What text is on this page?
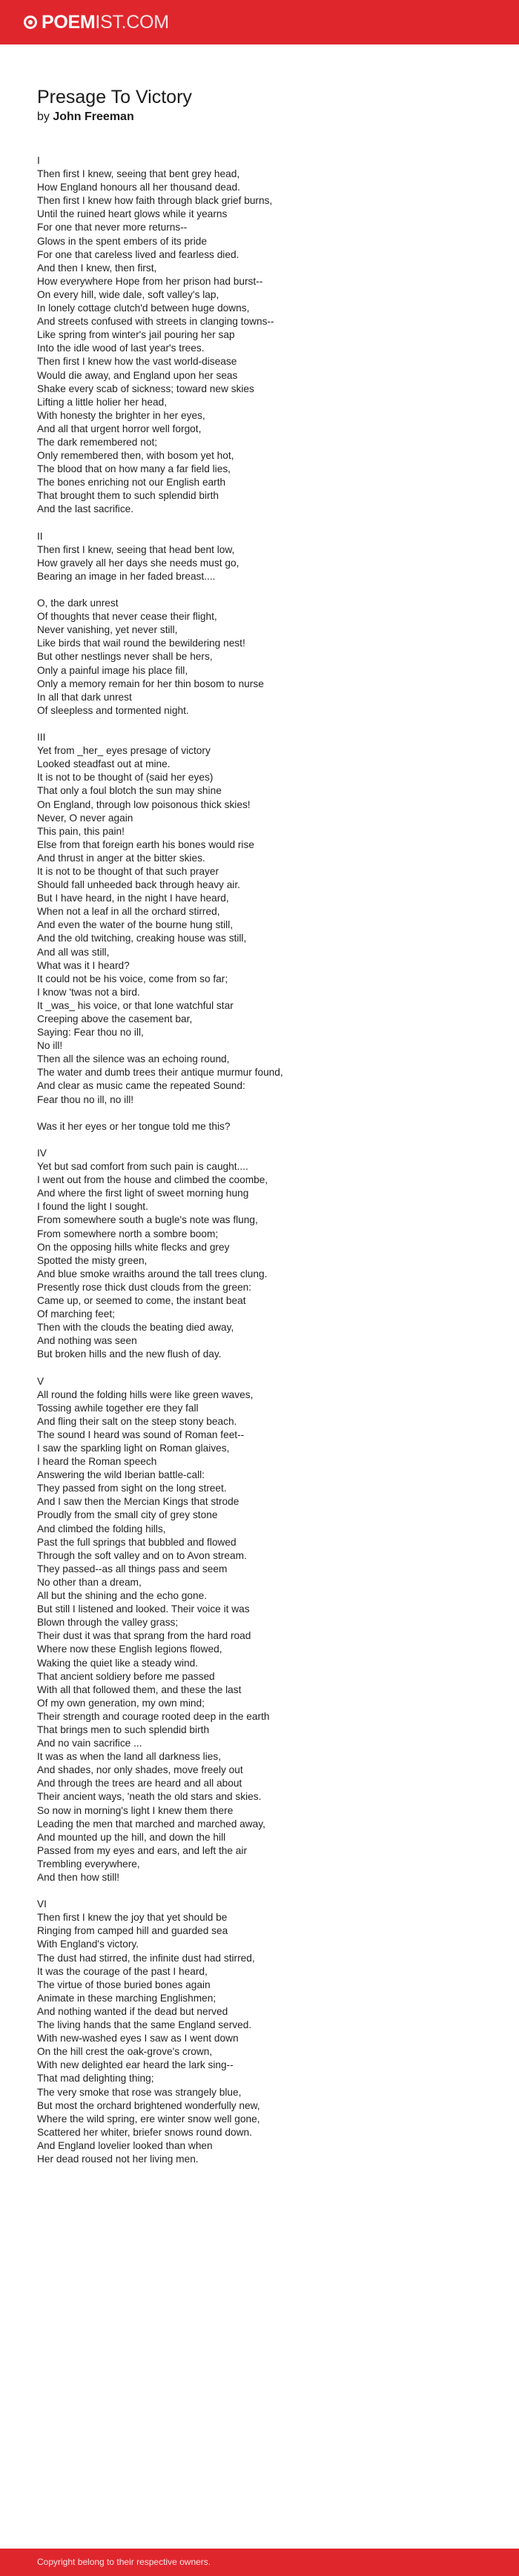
POEMIST.COM
Presage To Victory
by John Freeman
I
Then first I knew, seeing that bent grey head,
How England honours all her thousand dead.
Then first I knew how faith through black grief burns,
Until the ruined heart glows while it yearns
For one that never more returns--
Glows in the spent embers of its pride
For one that careless lived and fearless died.
And then I knew, then first,
How everywhere Hope from her prison had burst--
On every hill, wide dale, soft valley's lap,
In lonely cottage clutch'd between huge downs,
And streets confused with streets in clanging towns--
Like spring from winter's jail pouring her sap
Into the idle wood of last year's trees.
Then first I knew how the vast world-disease
Would die away, and England upon her seas
Shake every scab of sickness; toward new skies
Lifting a little holier her head,
With honesty the brighter in her eyes,
And all that urgent horror well forgot,
The dark remembered not;
Only remembered then, with bosom yet hot,
The blood that on how many a far field lies,
The bones enriching not our English earth
That brought them to such splendid birth
And the last sacrifice.

II
Then first I knew, seeing that head bent low,
How gravely all her days she needs must go,
Bearing an image in her faded breast....

O, the dark unrest
Of thoughts that never cease their flight,
Never vanishing, yet never still,
Like birds that wail round the bewildering nest!
But other nestlings never shall be hers,
Only a painful image his place fill,
Only a memory remain for her thin bosom to nurse
In all that dark unrest
Of sleepless and tormented night.

III
Yet from _her_ eyes presage of victory
Looked steadfast out at mine.
It is not to be thought of (said her eyes)
That only a foul blotch the sun may shine
On England, through low poisonous thick skies!
Never, O never again
This pain, this pain!
Else from that foreign earth his bones would rise
And thrust in anger at the bitter skies.
It is not to be thought of that such prayer
Should fall unheeded back through heavy air.
But I have heard, in the night I have heard,
When not a leaf in all the orchard stirred,
And even the water of the bourne hung still,
And the old twitching, creaking house was still,
And all was still,
What was it I heard?
It could not be his voice, come from so far;
I know 'twas not a bird.
It _was_ his voice, or that lone watchful star
Creeping above the casement bar,
Saying: Fear thou no ill,
No ill!
Then all the silence was an echoing round,
The water and dumb trees their antique murmur found,
And clear as music came the repeated Sound:
Fear thou no ill, no ill!

Was it her eyes or her tongue told me this?

IV
Yet but sad comfort from such pain is caught....
I went out from the house and climbed the coombe,
And where the first light of sweet morning hung
I found the light I sought.
From somewhere south a bugle's note was flung,
From somewhere north a sombre boom;
On the opposing hills white flecks and grey
Spotted the misty green,
And blue smoke wraiths around the tall trees clung.
Presently rose thick dust clouds from the green:
Came up, or seemed to come, the instant beat
Of marching feet;
Then with the clouds the beating died away,
And nothing was seen
But broken hills and the new flush of day.

V
All round the folding hills were like green waves,
Tossing awhile together ere they fall
And fling their salt on the steep stony beach.
The sound I heard was sound of Roman feet--
I saw the sparkling light on Roman glaives,
I heard the Roman speech
Answering the wild Iberian battle-call:
They passed from sight on the long street.
And I saw then the Mercian Kings that strode
Proudly from the small city of grey stone
And climbed the folding hills,
Past the full springs that bubbled and flowed
Through the soft valley and on to Avon stream.
They passed--as all things pass and seem
No other than a dream,
All but the shining and the echo gone.
But still I listened and looked. Their voice it was
Blown through the valley grass;
Their dust it was that sprang from the hard road
Where now these English legions flowed,
Waking the quiet like a steady wind.
That ancient soldiery before me passed
With all that followed them, and these the last
Of my own generation, my own mind;
Their strength and courage rooted deep in the earth
That brings men to such splendid birth
And no vain sacrifice ...
It was as when the land all darkness lies,
And shades, nor only shades, move freely out
And through the trees are heard and all about
Their ancient ways, 'neath the old stars and skies.
So now in morning's light I knew them there
Leading the men that marched and marched away,
And mounted up the hill, and down the hill
Passed from my eyes and ears, and left the air
Trembling everywhere,
And then how still!

VI
Then first I knew the joy that yet should be
Ringing from camped hill and guarded sea
With England's victory.
The dust had stirred, the infinite dust had stirred,
It was the courage of the past I heard,
The virtue of those buried bones again
Animate in these marching Englishmen;
And nothing wanted if the dead but nerved
The living hands that the same England served.
With new-washed eyes I saw as I went down
On the hill crest the oak-grove's crown,
With new delighted ear heard the lark sing--
That mad delighting thing;
The very smoke that rose was strangely blue,
But most the orchard brightened wonderfully new,
Where the wild spring, ere winter snow well gone,
Scattered her whiter, briefer snows round down.
And England lovelier looked than when
Her dead roused not her living men.
Copyright belong to their respective owners.
